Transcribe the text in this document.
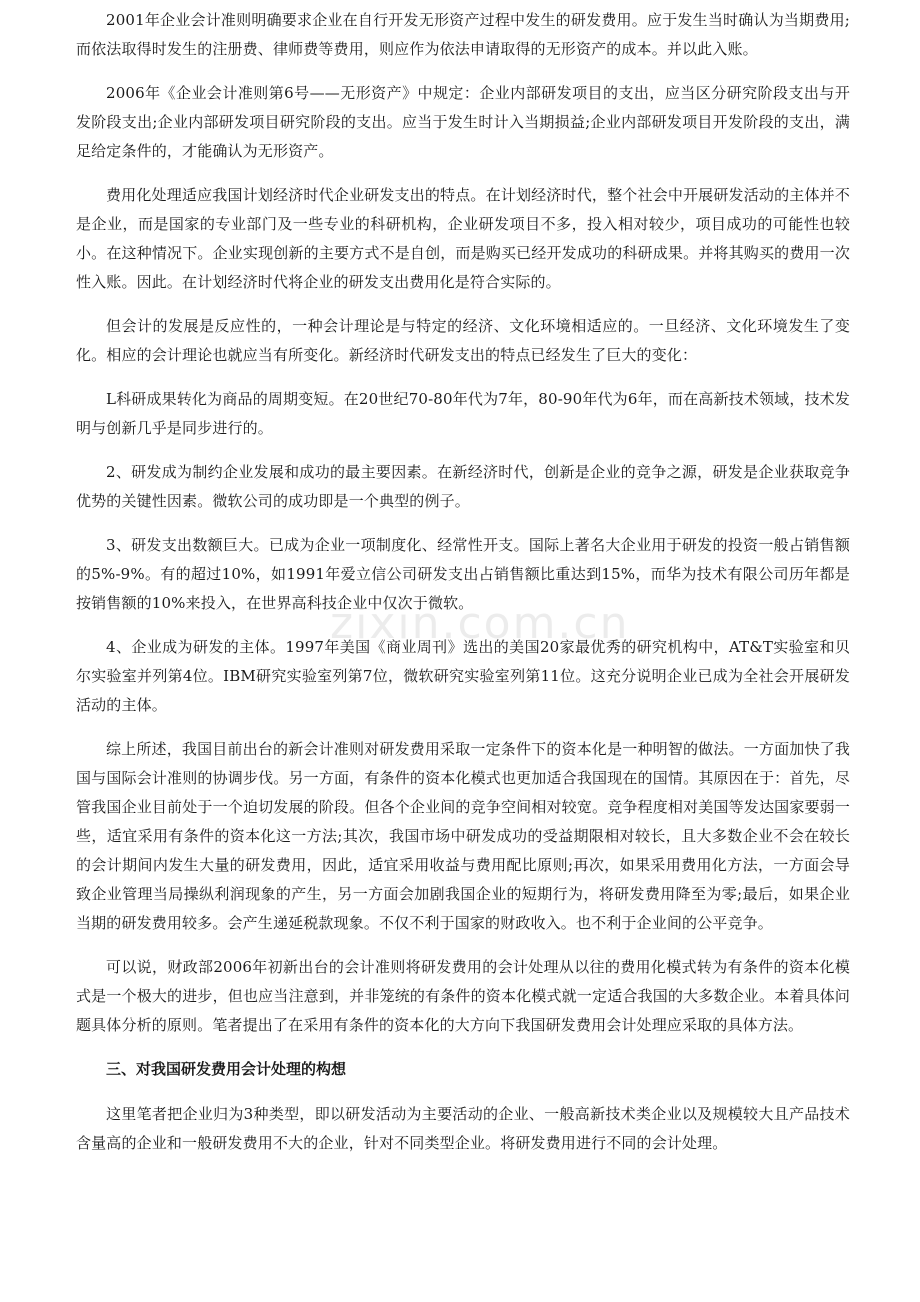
2001年企业会计准则明确要求企业在自行开发无形资产过程中发生的研发费用。应于发生当时确认为当期费用;而依法取得时发生的注册费、律师费等费用，则应作为依法申请取得的无形资产的成本。并以此入账。

2006年《企业会计准则第6号——无形资产》中规定：企业内部研发项目的支出，应当区分研究阶段支出与开发阶段支出;企业内部研发项目研究阶段的支出。应当于发生时计入当期损益;企业内部研发项目开发阶段的支出，满足给定条件的，才能确认为无形资产。

费用化处理适应我国计划经济时代企业研发支出的特点。在计划经济时代，整个社会中开展研发活动的主体并不是企业，而是国家的专业部门及一些专业的科研机构，企业研发项目不多，投入相对较少，项目成功的可能性也较小。在这种情况下。企业实现创新的主要方式不是自创，而是购买已经开发成功的科研成果。并将其购买的费用一次性入账。因此。在计划经济时代将企业的研发支出费用化是符合实际的。

但会计的发展是反应性的，一种会计理论是与特定的经济、文化环境相适应的。一旦经济、文化环境发生了变化。相应的会计理论也就应当有所变化。新经济时代研发支出的特点已经发生了巨大的变化：

L科研成果转化为商品的周期变短。在20世纪70-80年代为7年，80-90年代为6年，而在高新技术领域，技术发明与创新几乎是同步进行的。

2、研发成为制约企业发展和成功的最主要因素。在新经济时代，创新是企业的竞争之源，研发是企业获取竞争优势的关键性因素。微软公司的成功即是一个典型的例子。

3、研发支出数额巨大。已成为企业一项制度化、经常性开支。国际上著名大企业用于研发的投资一般占销售额的5%-9%。有的超过10%，如1991年爱立信公司研发支出占销售额比重达到15%，而华为技术有限公司历年都是按销售额的10%来投入，在世界高科技企业中仅次于微软。

4、企业成为研发的主体。1997年美国《商业周刊》选出的美国20家最优秀的研究机构中，AT&T实验室和贝尔实验室并列第4位。IBM研究实验室列第7位，微软研究实验室列第11位。这充分说明企业已成为全社会开展研发活动的主体。

综上所述，我国目前出台的新会计准则对研发费用采取一定条件下的资本化是一种明智的做法。一方面加快了我国与国际会计准则的协调步伐。另一方面，有条件的资本化模式也更加适合我国现在的国情。其原因在于：首先，尽管我国企业目前处于一个迫切发展的阶段。但各个企业间的竞争空间相对较宽。竞争程度相对美国等发达国家要弱一些，适宜采用有条件的资本化这一方法;其次，我国市场中研发成功的受益期限相对较长，且大多数企业不会在较长的会计期间内发生大量的研发费用，因此，适宜采用收益与费用配比原则;再次，如果采用费用化方法，一方面会导致企业管理当局操纵利润现象的产生，另一方面会加剧我国企业的短期行为，将研发费用降至为零;最后，如果企业当期的研发费用较多。会产生递延税款现象。不仅不利于国家的财政收入。也不利于企业间的公平竞争。

可以说，财政部2006年初新出台的会计准则将研发费用的会计处理从以往的费用化模式转为有条件的资本化模式是一个极大的进步，但也应当注意到，并非笼统的有条件的资本化模式就一定适合我国的大多数企业。本着具体问题具体分析的原则。笔者提出了在采用有条件的资本化的大方向下我国研发费用会计处理应采取的具体方法。

三、对我国研发费用会计处理的构想

这里笔者把企业归为3种类型，即以研发活动为主要活动的企业、一般高新技术类企业以及规模较大且产品技术含量高的企业和一般研发费用不大的企业，针对不同类型企业。将研发费用进行不同的会计处理。

zixin.com.cn
